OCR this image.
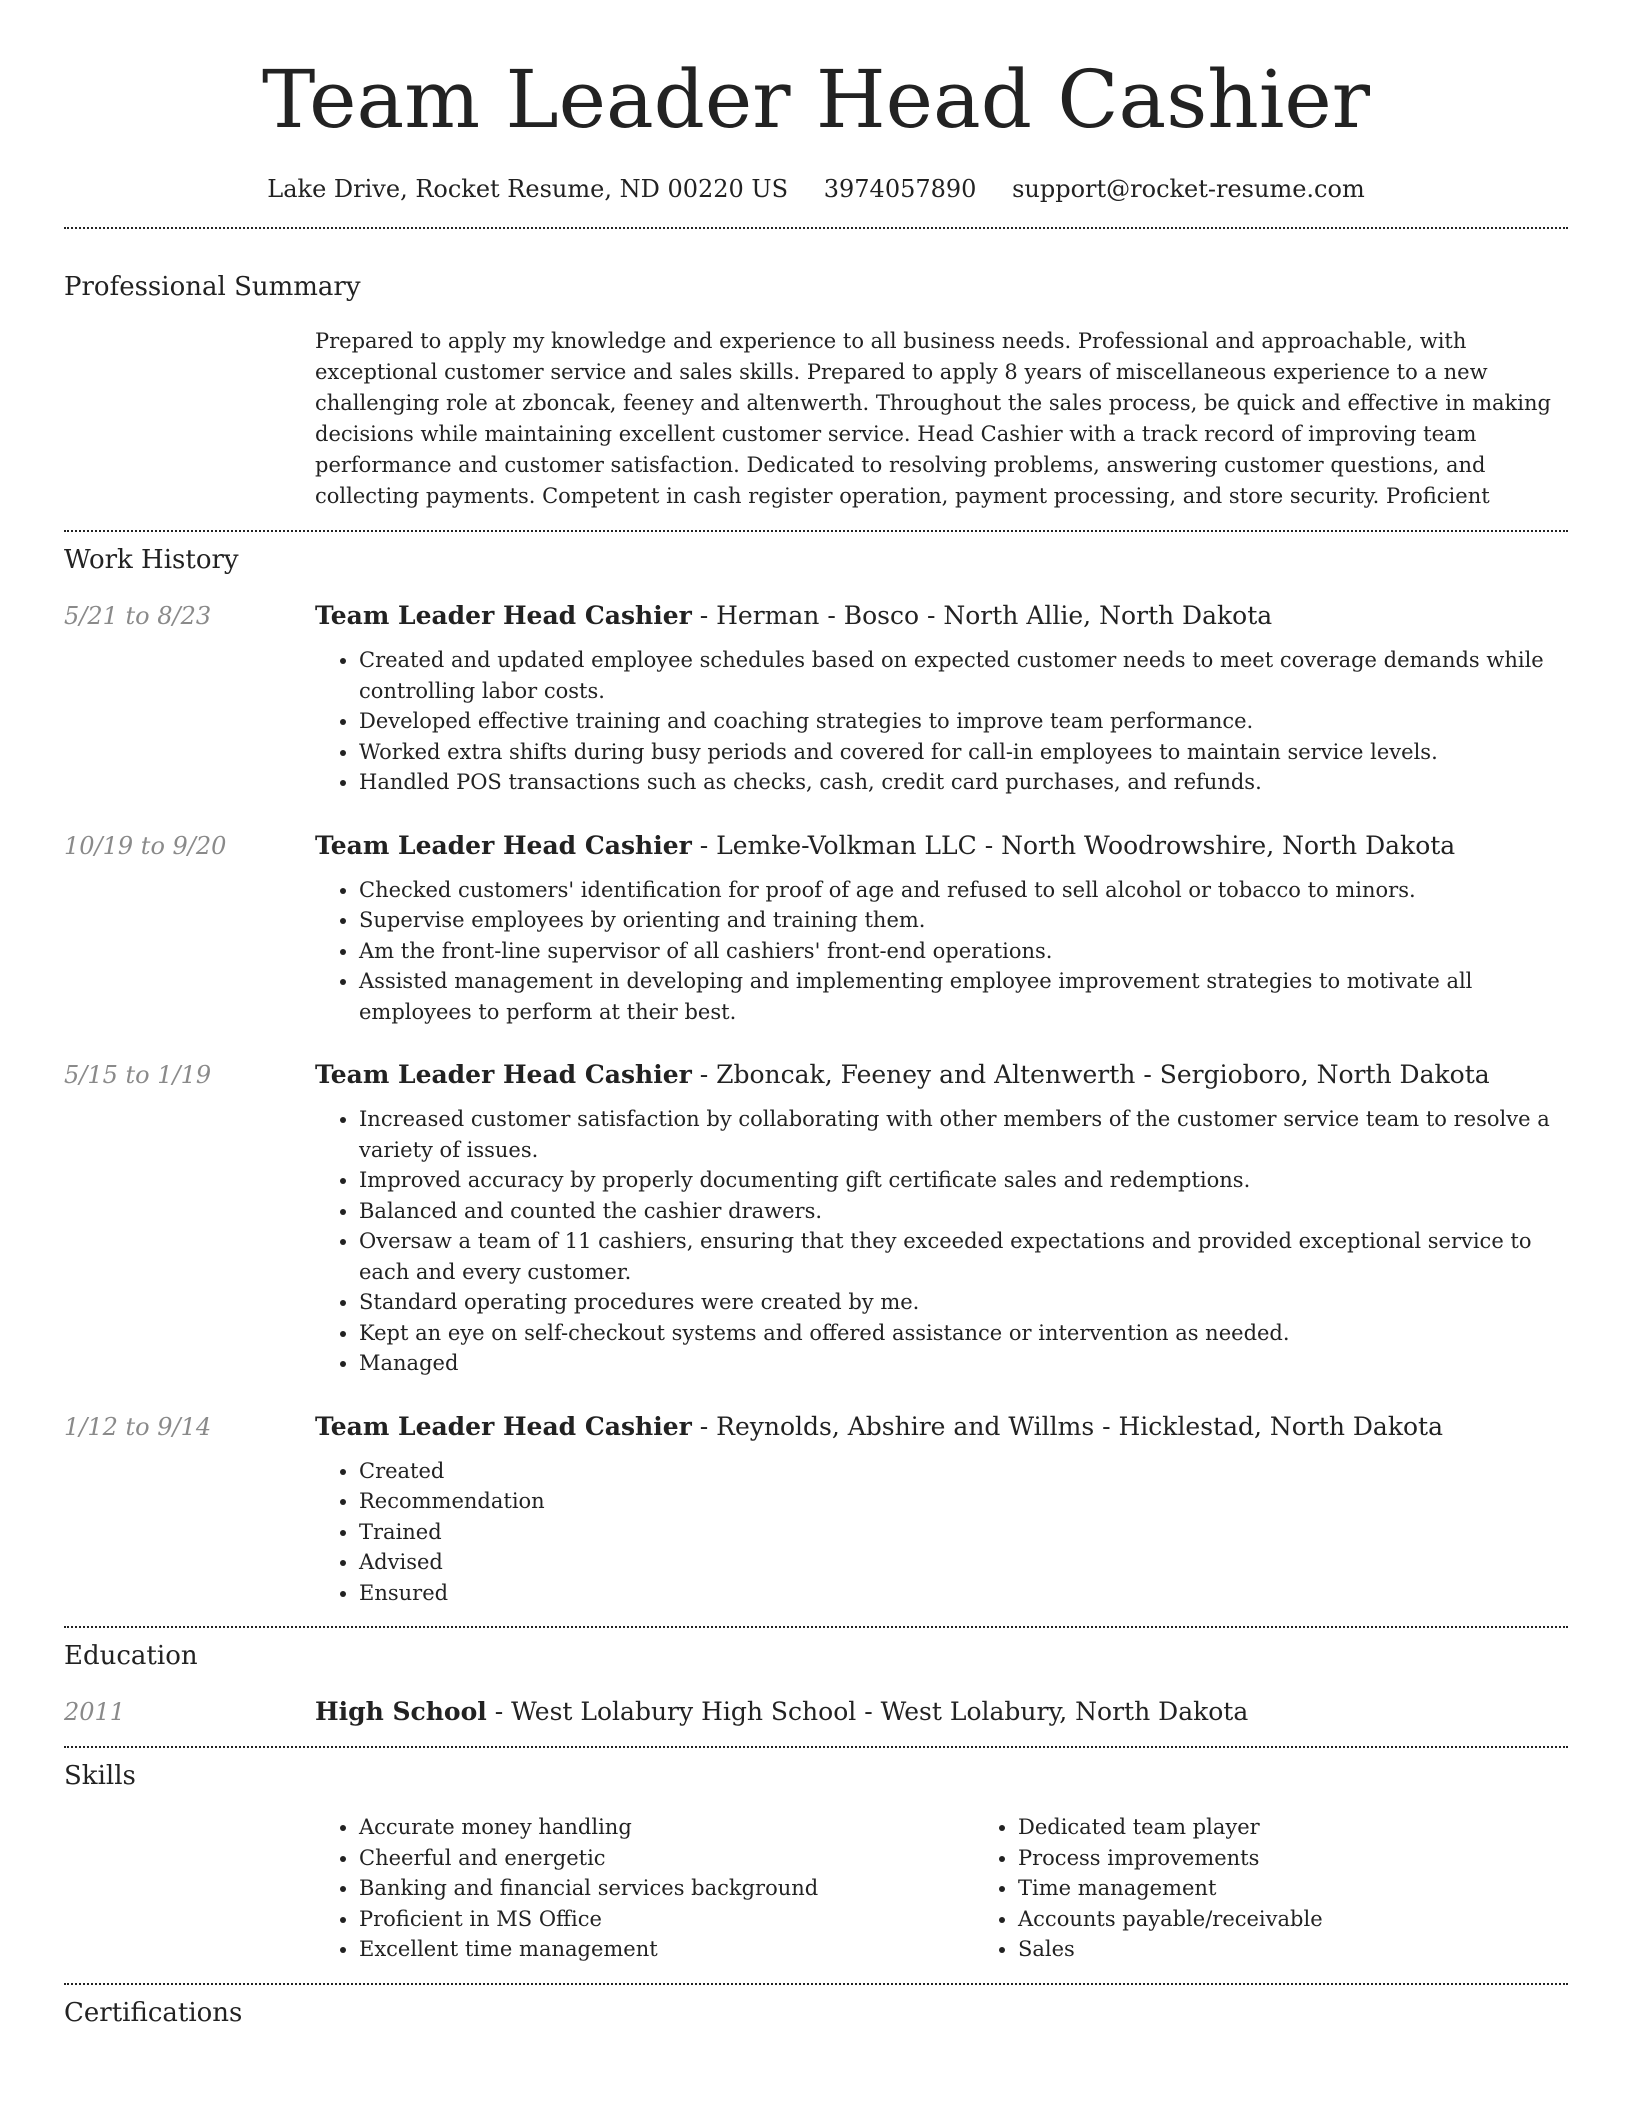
Team Leader Head Cashier
Lake Drive, Rocket Resume, ND 00220 US 3974057890 support@rocket-resume.com
Professional Summary
Prepared to apply my knowledge and experience to all business needs. Professional and approachable, with exceptional customer service and sales skills. Prepared to apply 8 years of miscellaneous experience to a new challenging role at zboncak, feeney and altenwerth. Throughout the sales process, be quick and effective in making decisions while maintaining excellent customer service. Head Cashier with a track record of improving team performance and customer satisfaction. Dedicated to resolving problems, answering customer questions, and collecting payments. Competent in cash register operation, payment processing, and store security. Proficient
Work History
5/21 to 8/23	Team Leader Head Cashier - Herman - Bosco - North Allie, North Dakota
• Created and updated employee schedules based on expected customer needs to meet coverage demands while controlling labor costs.
• Developed effective training and coaching strategies to improve team performance.
• Worked extra shifts during busy periods and covered for call-in employees to maintain service levels.
• Handled POS transactions such as checks, cash, credit card purchases, and refunds.
10/19 to 9/20	Team Leader Head Cashier - Lemke-Volkman LLC - North Woodrowshire, North Dakota
• Checked customers' identification for proof of age and refused to sell alcohol or tobacco to minors.
• Supervise employees by orienting and training them.
• Am the front-line supervisor of all cashiers' front-end operations.
• Assisted management in developing and implementing employee improvement strategies to motivate all employees to perform at their best.
5/15 to 1/19	Team Leader Head Cashier - Zboncak, Feeney and Altenwerth - Sergioboro, North Dakota
• Increased customer satisfaction by collaborating with other members of the customer service team to resolve a variety of issues.
• Improved accuracy by properly documenting gift certificate sales and redemptions.
• Balanced and counted the cashier drawers.
• Oversaw a team of 11 cashiers, ensuring that they exceeded expectations and provided exceptional service to each and every customer.
• Standard operating procedures were created by me.
• Kept an eye on self-checkout systems and offered assistance or intervention as needed.
• Managed
1/12 to 9/14	Team Leader Head Cashier - Reynolds, Abshire and Willms - Hicklestad, North Dakota
• Created
• Recommendation
• Trained
• Advised
• Ensured
Education
2011	High School - West Lolabury High School - West Lolabury, North Dakota
Skills
• Accurate money handling
• Cheerful and energetic
• Banking and financial services background
• Proficient in MS Office
• Excellent time management
• Dedicated team player
• Process improvements
• Time management
• Accounts payable/receivable
• Sales
Certifications
